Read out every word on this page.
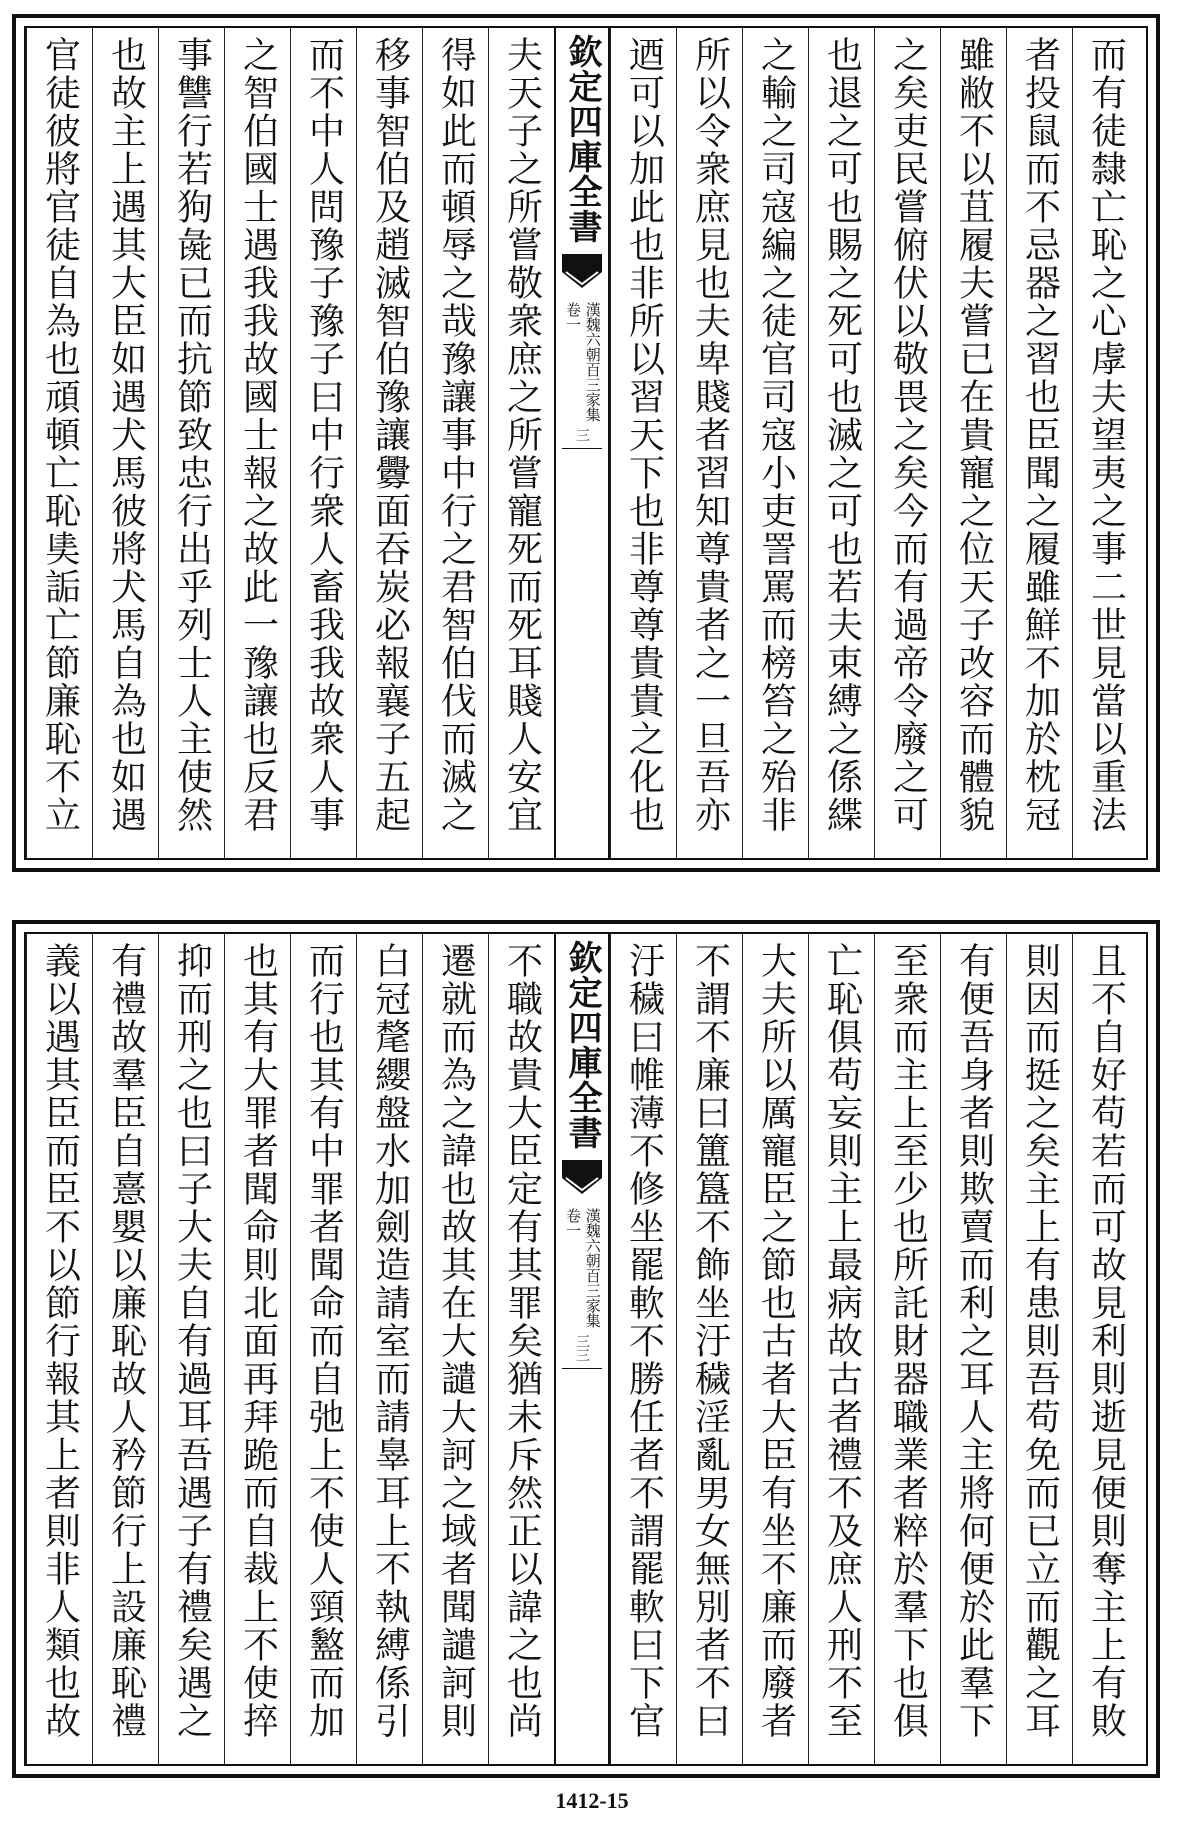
而有徒隸亡恥之心虖夫望夷之事二世見當以重法
者投鼠而不忌器之習也臣聞之履雖鮮不加於枕冠
雖敝不以苴履夫嘗已在貴寵之位天子改容而體貌
之矣吏民嘗俯伏以敬畏之矣今而有過帝令廢之可
也退之可也賜之死可也滅之可也若夫束縛之係緤
之輸之司寇編之徒官司寇小吏詈罵而榜笞之殆非
所以令衆庶見也夫卑賤者習知尊貴者之一旦吾亦
迺可以加此也非所以習天下也非尊尊貴貴之化也
欽定四庫全書
漢魏六朝百三家集
卷一
三
夫天子之所嘗敬衆庶之所嘗寵死而死耳賤人安宜
得如此而頓辱之哉豫讓事中行之君智伯伐而滅之
移事智伯及趙滅智伯豫讓釁面吞炭必報襄子五起
而不中人問豫子豫子曰中行衆人畜我我故衆人事
之智伯國士遇我我故國士報之故此一豫讓也反君
事讐行若狗彘已而抗節致忠行出乎列士人主使然
也故主上遇其大臣如遇犬馬彼將犬馬自為也如遇
官徒彼將官徒自為也頑頓亡恥奊詬亡節廉恥不立
且不自好苟若而可故見利則逝見便則奪主上有敗
則因而挺之矣主上有患則吾苟免而已立而觀之耳
有便吾身者則欺賣而利之耳人主將何便於此羣下
至衆而主上至少也所託財器職業者粹於羣下也俱
亡恥俱苟妄則主上最病故古者禮不及庶人刑不至
大夫所以厲寵臣之節也古者大臣有坐不廉而廢者
不謂不廉曰簠簋不飾坐汙穢淫亂男女無別者不曰
汙穢曰帷薄不修坐罷軟不勝任者不謂罷軟曰下官
欽定四庫全書
漢魏六朝百三家集
卷一
三三
不職故貴大臣定有其罪矣猶未斥然正以諱之也尚
遷就而為之諱也故其在大譴大訶之域者聞譴訶則
白冠氂纓盤水加劍造請室而請辠耳上不執縛係引
而行也其有中罪者聞命而自弛上不使人頸盭而加
也其有大罪者聞命則北面再拜跪而自裁上不使捽
抑而刑之也曰子大夫自有過耳吾遇子有禮矣遇之
有禮故羣臣自憙嬰以廉恥故人矜節行上設廉恥禮
義以遇其臣而臣不以節行報其上者則非人類也故
1412-15
